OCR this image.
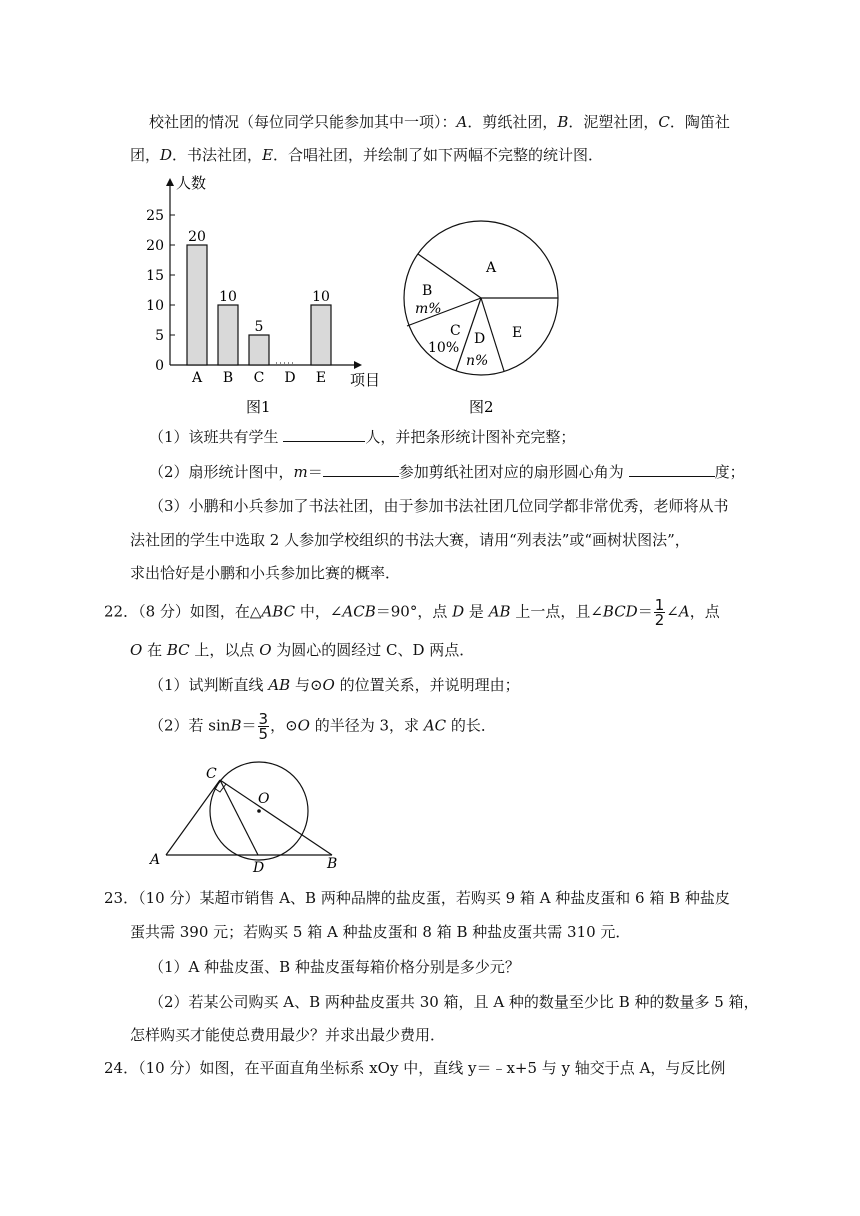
校社团的情况（每位同学只能参加其中一项）：A．剪纸社团，B．泥塑社团，C．陶笛社
团，D．书法社团，E．合唱社团，并绘制了如下两幅不完整的统计图．
0
5
10
15
20
25
人数
项目
20
A
10
B
5
C D
10
E
图1
A
B
m%
C
10%
D
n%
E
图2
（1）该班共有学生	人，并把条形统计图补充完整；
（2）扇形统计图中，m＝	参加剪纸社团对应的扇形圆心角为	度；
（3）小鹏和小兵参加了书法社团，由于参加书法社团几位同学都非常优秀，老师将从书
法社团的学生中选取 2 人参加学校组织的书法大赛，请用“列表法”或“画树状图法”，
求出恰好是小鹏和小兵参加比赛的概率．
22．（8 分）如图，在△ABC 中，∠ACB＝90°，点 D 是 AB 上一点，且∠BCD＝ $\frac{1}{2}$ ∠A，点
O 在 BC 上，以点 O 为圆心的圆经过 C、D 两点．
（1）试判断直线 AB 与⊙O 的位置关系，并说明理由；
（2）若 $\sin B= \frac{3}{5}$ ，⊙O 的半径为 3，求 AC 的长．
C
O
A	D	B
23．（10 分）某超市销售 A、B 两种品牌的盐皮蛋，若购买 9 箱 A 种盐皮蛋和 6 箱 B 种盐皮
蛋共需 390 元；若购买 5 箱 A 种盐皮蛋和 8 箱 B 种盐皮蛋共需 310 元．
（1）A 种盐皮蛋、B 种盐皮蛋每箱价格分别是多少元？
（2）若某公司购买 A、B 两种盐皮蛋共 30 箱，且 A 种的数量至少比 B 种的数量多 5 箱，
怎样购买才能使总费用最少？并求出最少费用．
24．（10 分）如图，在平面直角坐标系 xOy 中，直线 y＝﹣x+5 与 y 轴交于点 A，与反比例
